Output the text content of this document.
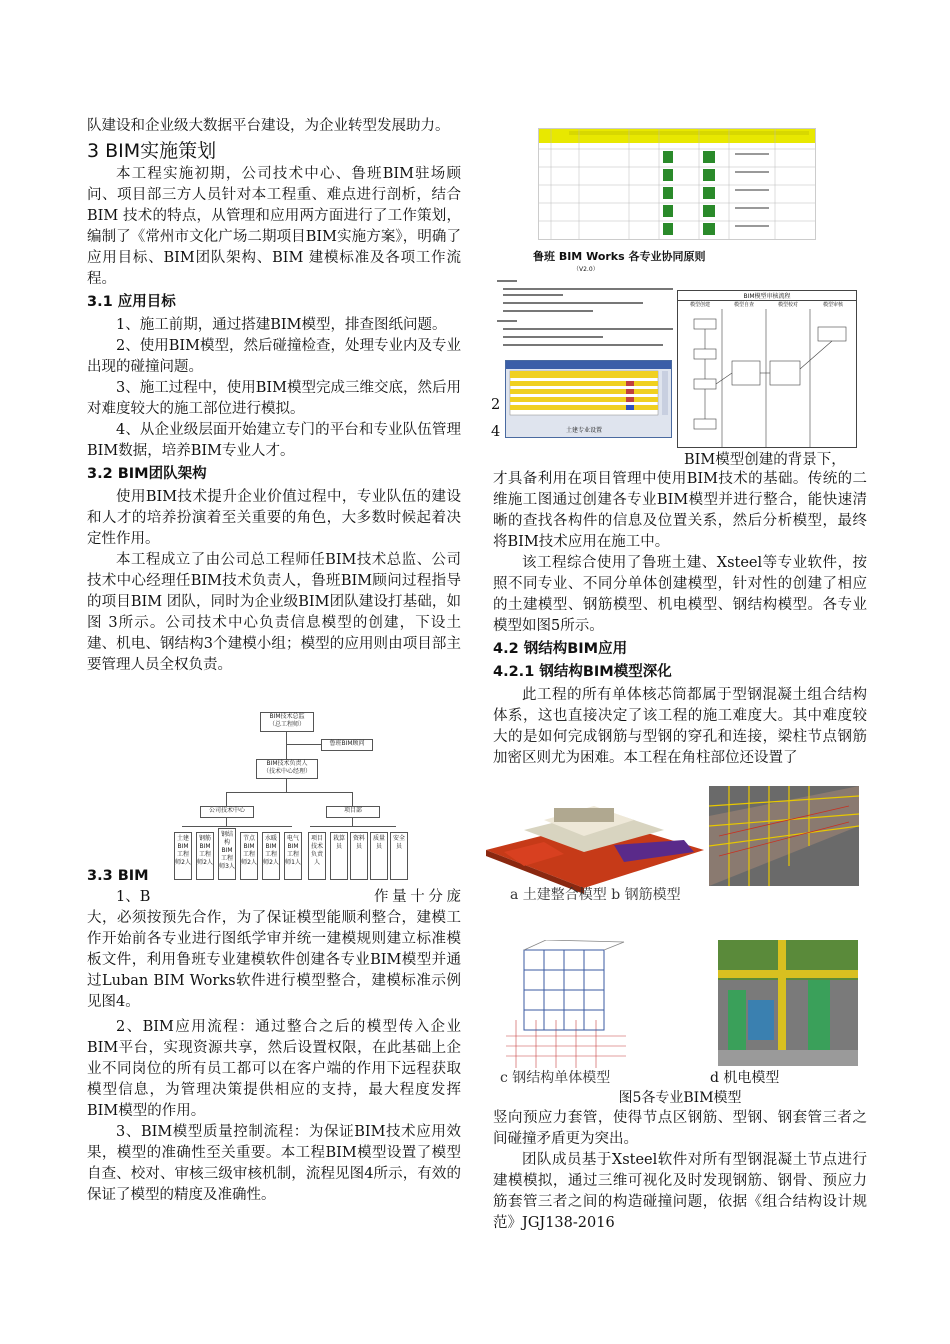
队建设和企业级大数据平台建设，为企业转型发展助力。

3 BIM实施策划

本工程实施初期，公司技术中心、鲁班BIM驻场顾问、项目部三方人员针对本工程重、难点进行剖析，结合 BIM 技术的特点，从管理和应用两方面进行了工作策划，编制了《常州市文化广场二期项目BIM实施方案》，明确了应用目标、BIM团队架构、BIM 建模标准及各项工作流程。

3.1 应用目标

1、施工前期，通过搭建BIM模型，排查图纸问题。

2、使用BIM模型，然后碰撞检查，处理专业内及专业出现的碰撞问题。

3、施工过程中，使用BIM模型完成三维交底，然后用对难度较大的施工部位进行模拟。

4、从企业级层面开始建立专门的平台和专业队伍管理BIM数据，培养BIM专业人才。

3.2 BIM团队架构

使用BIM技术提升企业价值过程中，专业队伍的建设和人才的培养扮演着至关重要的角色，大多数时候起着决定性作用。

本工程成立了由公司总工程师任BIM技术总监、公司技术中心经理任BIM技术负责人，鲁班BIM顾问过程指导的项目BIM 团队，同时为企业级BIM团队建设打基础，如图 3所示。公司技术中心负责信息模型的创建，下设土建、机电、钢结构3个建模小组；模型的应用则由项目部主要管理人员全权负责。

3.3 BIM

1、B	作量十分庞大，必须按预先合作，为了保证模型能顺利整合，建模工作开始前各专业进行图纸学审并统一建模规则建立标准模板文件，利用鲁班专业建模软件创建各专业BIM模型并通过Luban BIM Works软件进行模型整合，建模标准示例见图4。

2、BIM应用流程：通过整合之后的模型传入企业BIM平台，实现资源共享，然后设置权限，在此基础上企业不同岗位的所有员工都可以在客户端的作用下远程获取模型信息，为管理决策提供相应的支持，最大程度发挥BIM模型的作用。

3、BIM模型质量控制流程：为保证BIM技术应用效果，模型的准确性至关重要。本工程BIM模型设置了模型自查、校对、审核三级审核机制，流程见图4所示，有效的保证了模型的精度及准确性。

BIM技术总监
（总工程师）
鲁班BIM顾问
BIM技术负责人
（技术中心经理）
公司技术中心	项目部
土建BIM工程师2人
钢筋BIM工程师2人
钢结构BIM工程师3人
节点BIM工程师2人
水暖BIM工程师2人
电气BIM工程师1人
项目技术负责人
栽算员
资料员
质量员
安全员
鲁班 BIM Works 各专业协同原则
（V2.0）
土建专业设置
BIM模型审核流程
模型创建	模型自查	模型校对	模型审核
2
4
BIM模型创建的背景下，

才具备利用在项目管理中使用BIM技术的基础。传统的二维施工图通过创建各专业BIM模型并进行整合，能快速清晰的查找各构件的信息及位置关系，然后分析模型，最终将BIM技术应用在施工中。

该工程综合使用了鲁班土建、Xsteel等专业软件，按照不同专业、不同分单体创建模型，针对性的创建了相应的土建模型、钢筋模型、机电模型、钢结构模型。各专业模型如图5所示。

4.2 钢结构BIM应用
4.2.1 钢结构BIM模型深化

此工程的所有单体核芯筒都属于型钢混凝土组合结构体系，这也直接决定了该工程的施工难度大。其中难度较大的是如何完成钢筋与型钢的穿孔和连接，梁柱节点钢筋加密区则尤为困难。本工程在角柱部位还设置了

a 土建整合模型 b 钢筋模型
c 钢结构单体模型	d 机电模型
图5各专业BIM模型

竖向预应力套管，使得节点区钢筋、型钢、钢套管三者之间碰撞矛盾更为突出。

团队成员基于Xsteel软件对所有型钢混凝土节点进行建模模拟，通过三维可视化及时发现钢筋、钢骨、预应力筋套管三者之间的构造碰撞问题，依据《组合结构设计规范》JGJ138-2016
